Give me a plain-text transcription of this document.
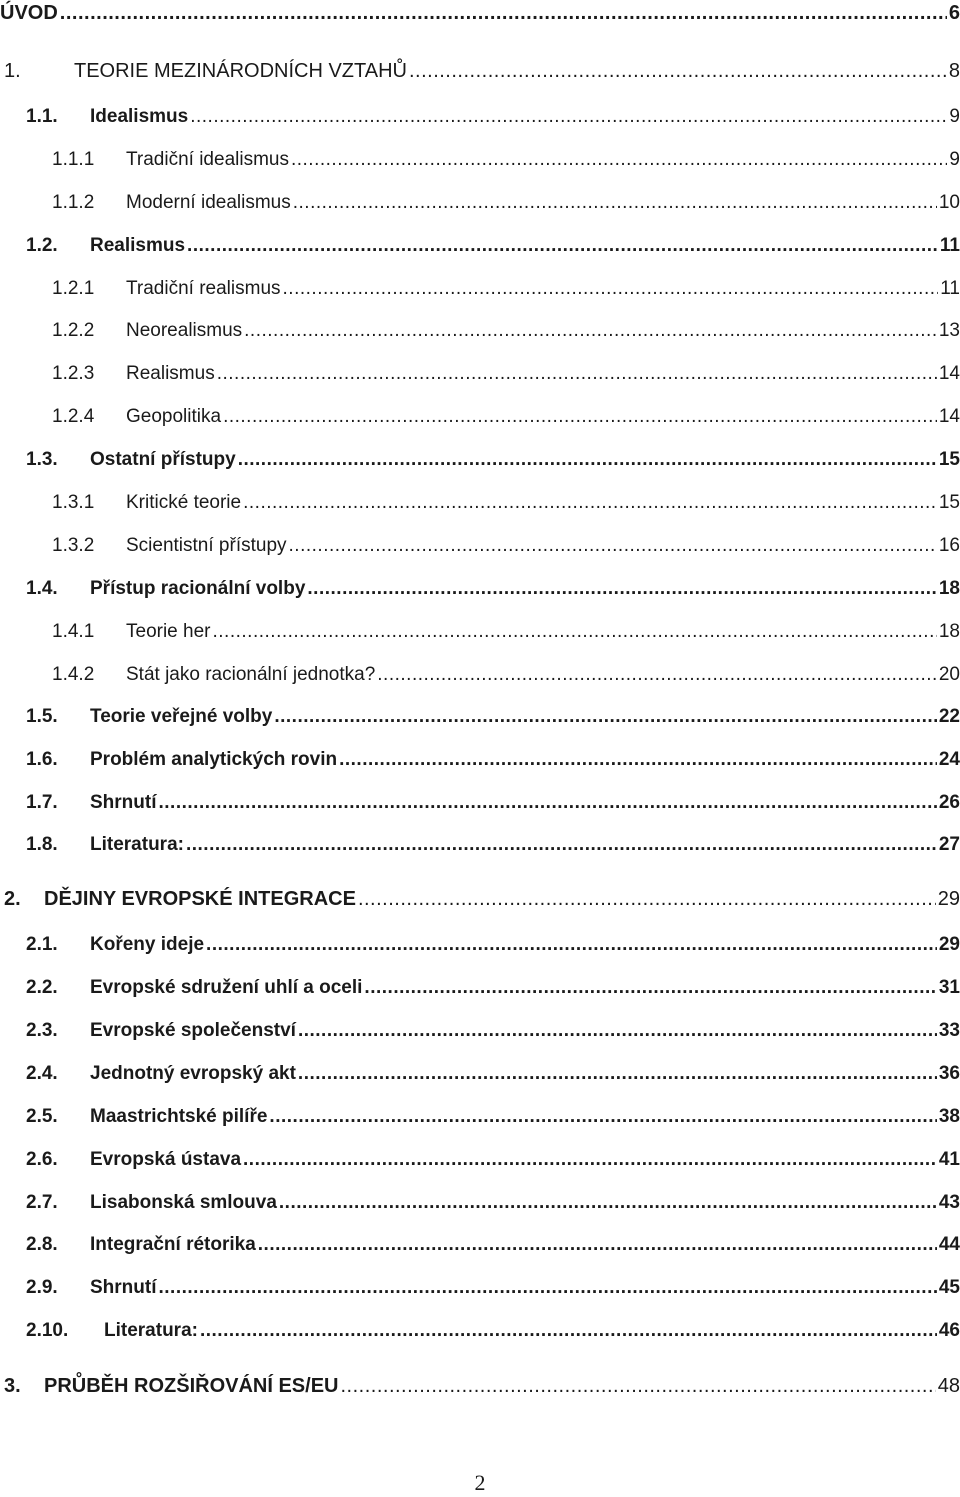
ÚVOD .....	6
1.	TEORIE MEZINÁRODNÍCH VZTAHŮ .....	8
1.1.	Idealismus .....	9
1.1.1	Tradiční idealismus .....	9
1.1.2	Moderní idealismus .....	10
1.2.	Realismus .....	11
1.2.1	Tradiční realismus .....	11
1.2.2	Neorealismus .....	13
1.2.3	Realismus .....	14
1.2.4	Geopolitika .....	14
1.3.	Ostatní přístupy .....	15
1.3.1	Kritické teorie .....	15
1.3.2	Scientistní přístupy .....	16
1.4.	Přístup racionální volby .....	18
1.4.1	Teorie her .....	18
1.4.2	Stát jako racionální jednotka? .....	20
1.5.	Teorie veřejné volby .....	22
1.6.	Problém analytických rovin .....	24
1.7.	Shrnutí .....	26
1.8.	Literatura: .....	27
2.	DĚJINY EVROPSKÉ INTEGRACE .....	29
2.1.	Kořeny ideje .....	29
2.2.	Evropské sdružení uhlí a oceli .....	31
2.3.	Evropské společenství .....	33
2.4.	Jednotný evropský akt .....	36
2.5.	Maastrichtské pilíře .....	38
2.6.	Evropská ústava .....	41
2.7.	Lisabonská smlouva .....	43
2.8.	Integrační rétorika .....	44
2.9.	Shrnutí .....	45
2.10.	Literatura: .....	46
3.	PRŮBĚH ROZŠIŘOVÁNÍ ES/EU .....	48
2
